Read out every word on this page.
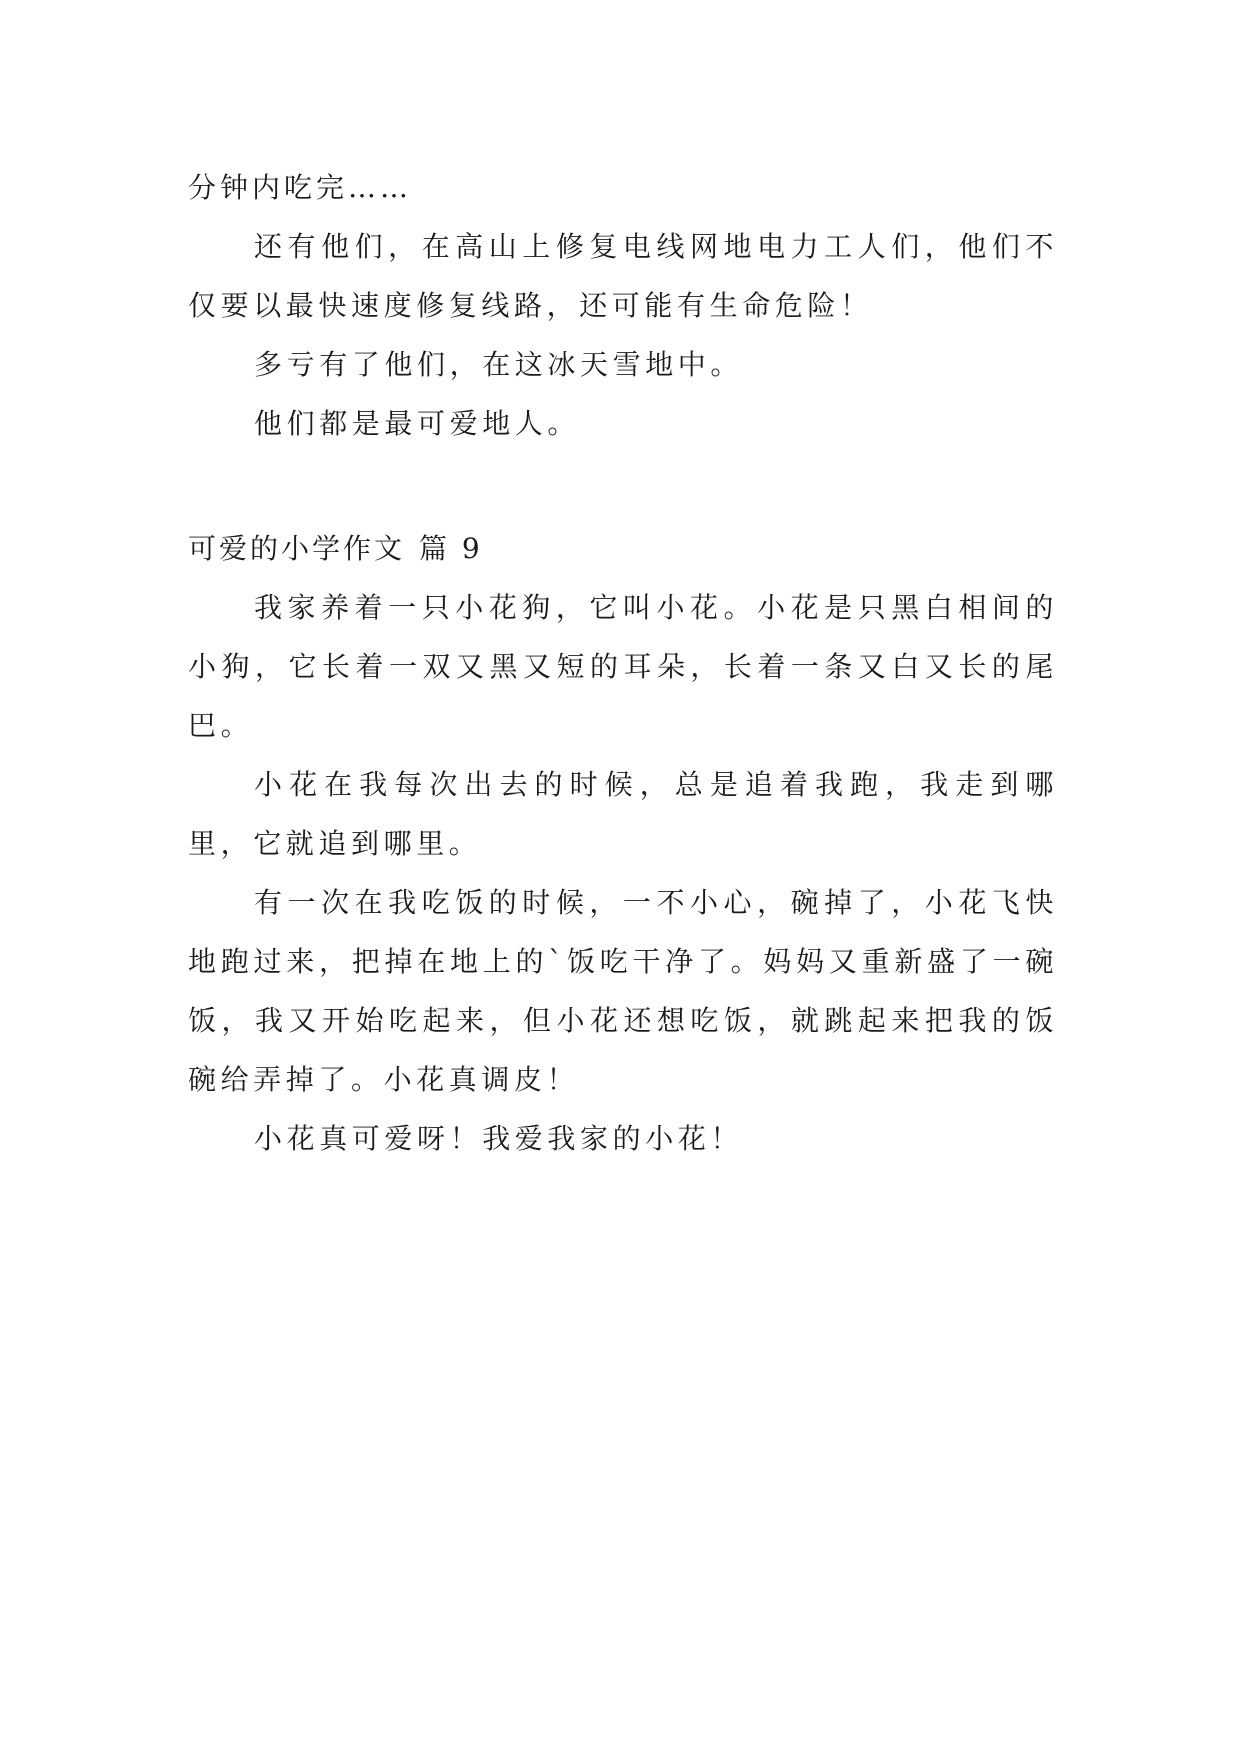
分钟内吃完……

还有他们，在高山上修复电线网地电力工人们，他们不仅要以最快速度修复线路，还可能有生命危险！

多亏有了他们，在这冰天雪地中。

他们都是最可爱地人。

可爱的小学作文 篇 9

我家养着一只小花狗，它叫小花。小花是只黑白相间的小狗，它长着一双又黑又短的耳朵，长着一条又白又长的尾巴。

小花在我每次出去的时候，总是追着我跑，我走到哪里，它就追到哪里。

有一次在我吃饭的时候，一不小心，碗掉了，小花飞快地跑过来，把掉在地上的`饭吃干净了。妈妈又重新盛了一碗饭，我又开始吃起来，但小花还想吃饭，就跳起来把我的饭碗给弄掉了。小花真调皮！

小花真可爱呀！我爱我家的小花！
